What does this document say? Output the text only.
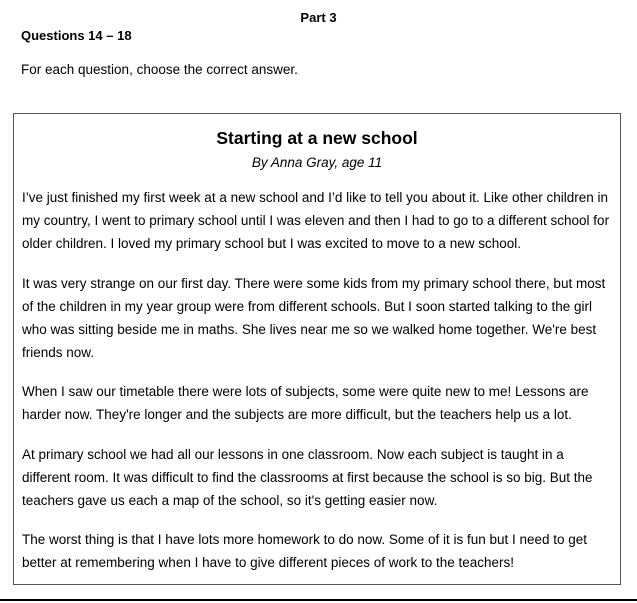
Part 3
Questions 14 – 18
For each question, choose the correct answer.
Starting at a new school
By Anna Gray, age 11

I’ve just finished my first week at a new school and I’d like to tell you about it. Like other children in my country, I went to primary school until I was eleven and then I had to go to a different school for older children. I loved my primary school but I was excited to move to a new school.

It was very strange on our first day. There were some kids from my primary school there, but most of the children in my year group were from different schools. But I soon started talking to the girl who was sitting beside me in maths. She lives near me so we walked home together. We're best friends now.

When I saw our timetable there were lots of subjects, some were quite new to me! Lessons are harder now. They're longer and the subjects are more difficult, but the teachers help us a lot.

At primary school we had all our lessons in one classroom. Now each subject is taught in a different room. It was difficult to find the classrooms at first because the school is so big. But the teachers gave us each a map of the school, so it's getting easier now.

The worst thing is that I have lots more homework to do now. Some of it is fun but I need to get better at remembering when I have to give different pieces of work to the teachers!
